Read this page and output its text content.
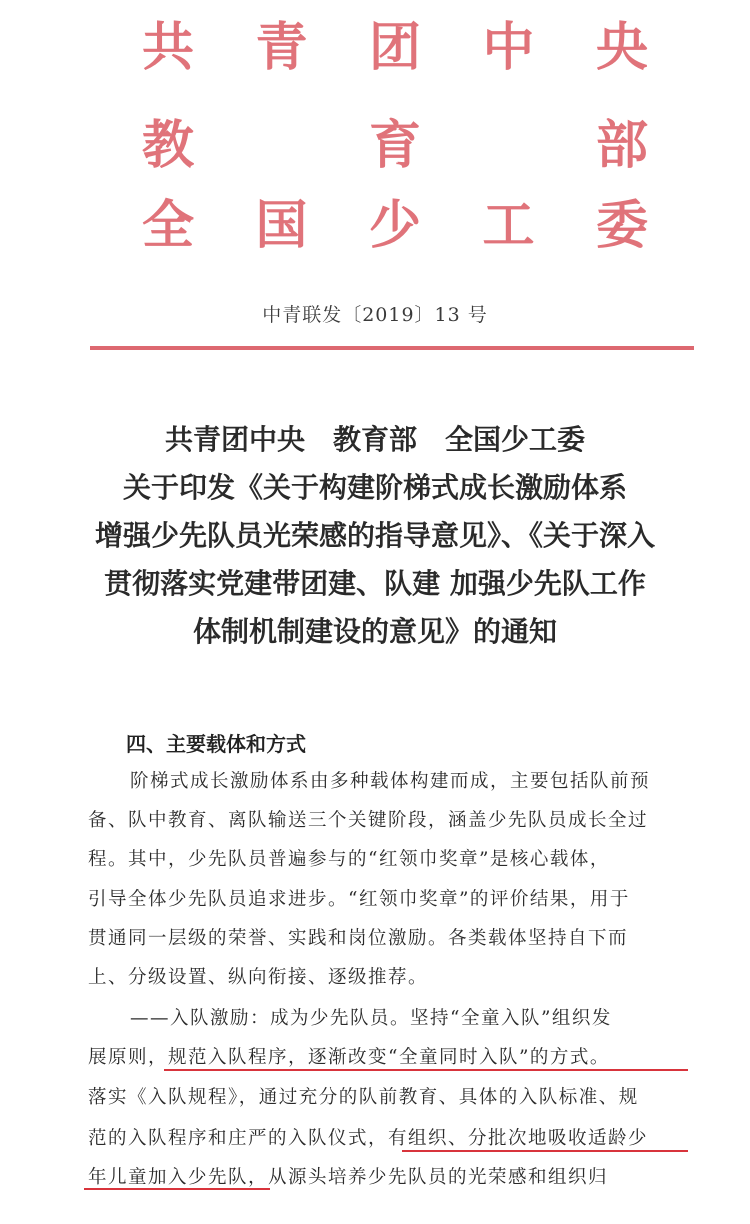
共 青 团 中 央
教	育	部
全 国 少 工 委
中青联发〔2019〕13 号
共青团中央　教育部　全国少工委
关于印发《关于构建阶梯式成长激励体系
增强少先队员光荣感的指导意见》、《关于深入
贯彻落实党建带团建、队建 加强少先队工作
体制机制建设的意见》的通知
四、主要载体和方式
阶梯式成长激励体系由多种载体构建而成，主要包括队前预
备、队中教育、离队输送三个关键阶段，涵盖少先队员成长全过
程。其中，少先队员普遍参与的“红领巾奖章”是核心载体，
引导全体少先队员追求进步。“红领巾奖章”的评价结果，用于
贯通同一层级的荣誉、实践和岗位激励。各类载体坚持自下而
上、分级设置、纵向衔接、逐级推荐。
——入队激励：成为少先队员。坚持“全童入队”组织发
展原则，规范入队程序，逐渐改变“全童同时入队”的方式。
落实《入队规程》，通过充分的队前教育、具体的入队标准、规
范的入队程序和庄严的入队仪式，有组织、分批次地吸收适龄少
年儿童加入少先队，从源头培养少先队员的光荣感和组织归
